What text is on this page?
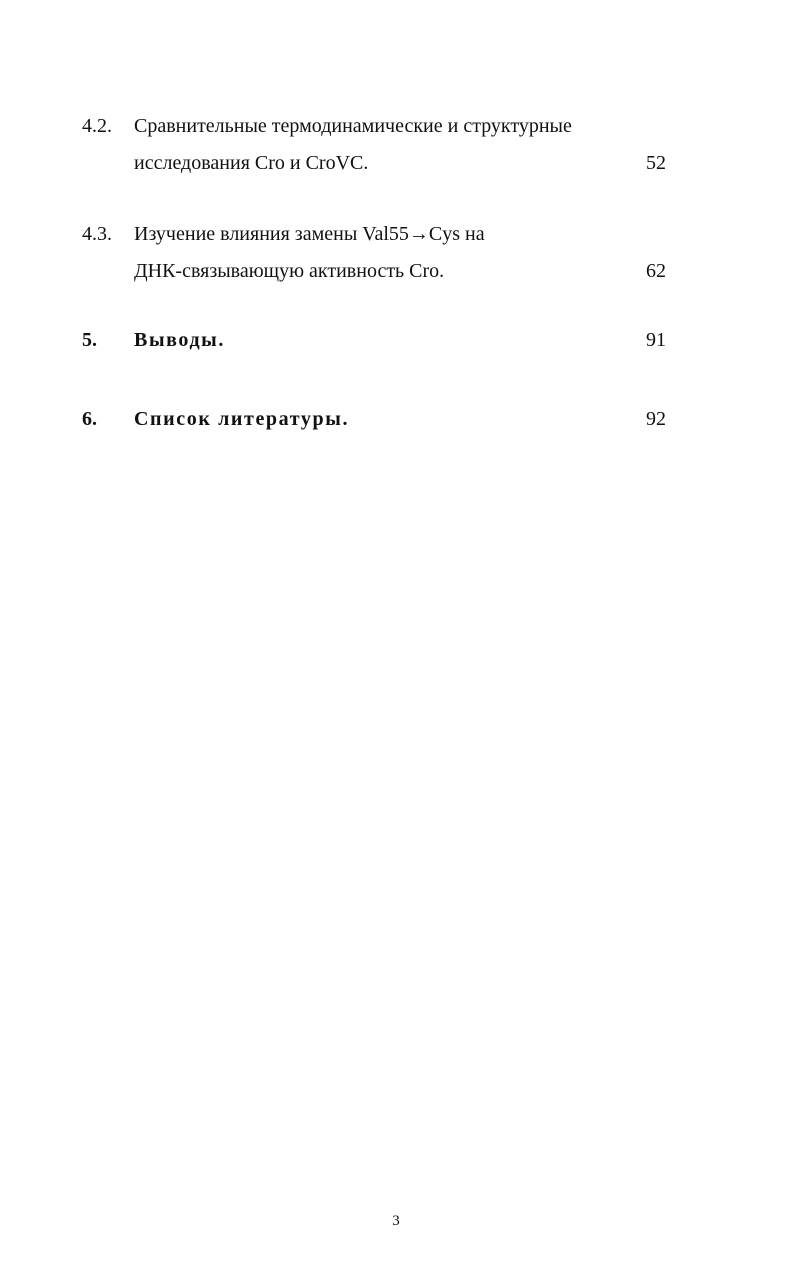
4.2. Сравнительные термодинамические и структурные
исследования Cro и CroVC.	52
4.3. Изучение влияния замены Val55→Cys на
ДНК-связывающую активность Cro.	62
5. Выводы.	91
6. Список литературы.	92
3
